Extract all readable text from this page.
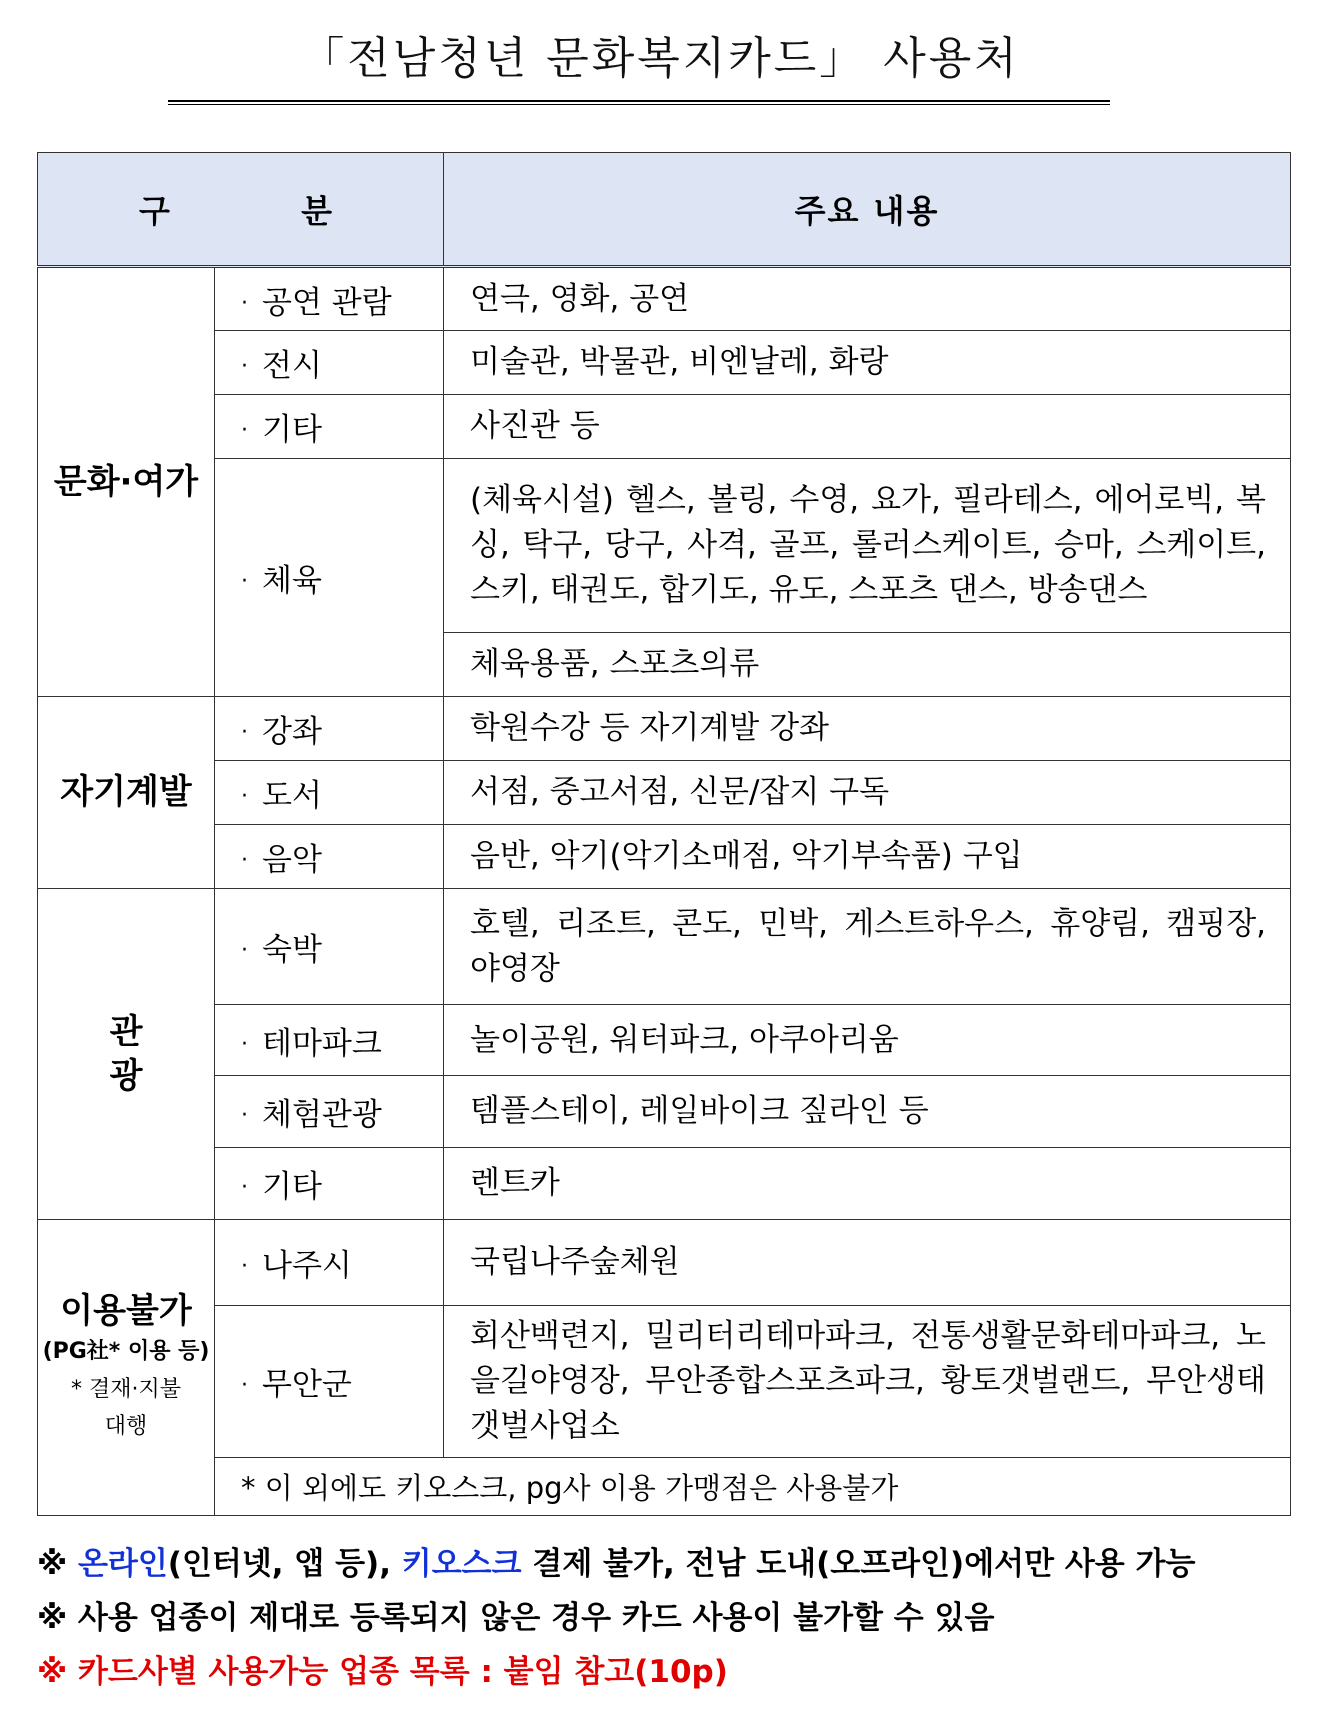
「전남청년 문화복지카드」 사용처
구 분		주요 내용
문화·여가	· 공연 관람	연극, 영화, 공연
	· 전시	미술관, 박물관, 비엔날레, 화랑
	· 기타	사진관 등
	· 체육	(체육시설) 헬스, 볼링, 수영, 요가, 필라테스, 에어로빅, 복싱, 탁구, 당구, 사격, 골프, 롤러스케이트, 승마, 스케이트, 스키, 태권도, 합기도, 유도, 스포츠 댄스, 방송댄스
		체육용품, 스포츠의류
자기계발	· 강좌	학원수강 등 자기계발 강좌
	· 도서	서점, 중고서점, 신문/잡지 구독
	· 음악	음반, 악기(악기소매점, 악기부속품) 구입
관광	· 숙박	호텔, 리조트, 콘도, 민박, 게스트하우스, 휴양림, 캠핑장, 야영장
	· 테마파크	놀이공원, 워터파크, 아쿠아리움
	· 체험관광	템플스테이, 레일바이크 짚라인 등
	· 기타	렌트카
이용불가
(PG社* 이용 등)
* 결재·지불
대행	· 나주시	국립나주숲체원
	· 무안군	회산백련지, 밀리터리테마파크, 전통생활문화테마파크, 노을길야영장, 무안종합스포츠파크, 황토갯벌랜드, 무안생태갯벌사업소
	* 이 외에도 키오스크, pg사 이용 가맹점은 사용불가	
※ 온라인(인터넷, 앱 등), 키오스크 결제 불가, 전남 도내(오프라인)에서만 사용 가능
※ 사용 업종이 제대로 등록되지 않은 경우 카드 사용이 불가할 수 있음
※ 카드사별 사용가능 업종 목록 : 붙임 참고(10p)
